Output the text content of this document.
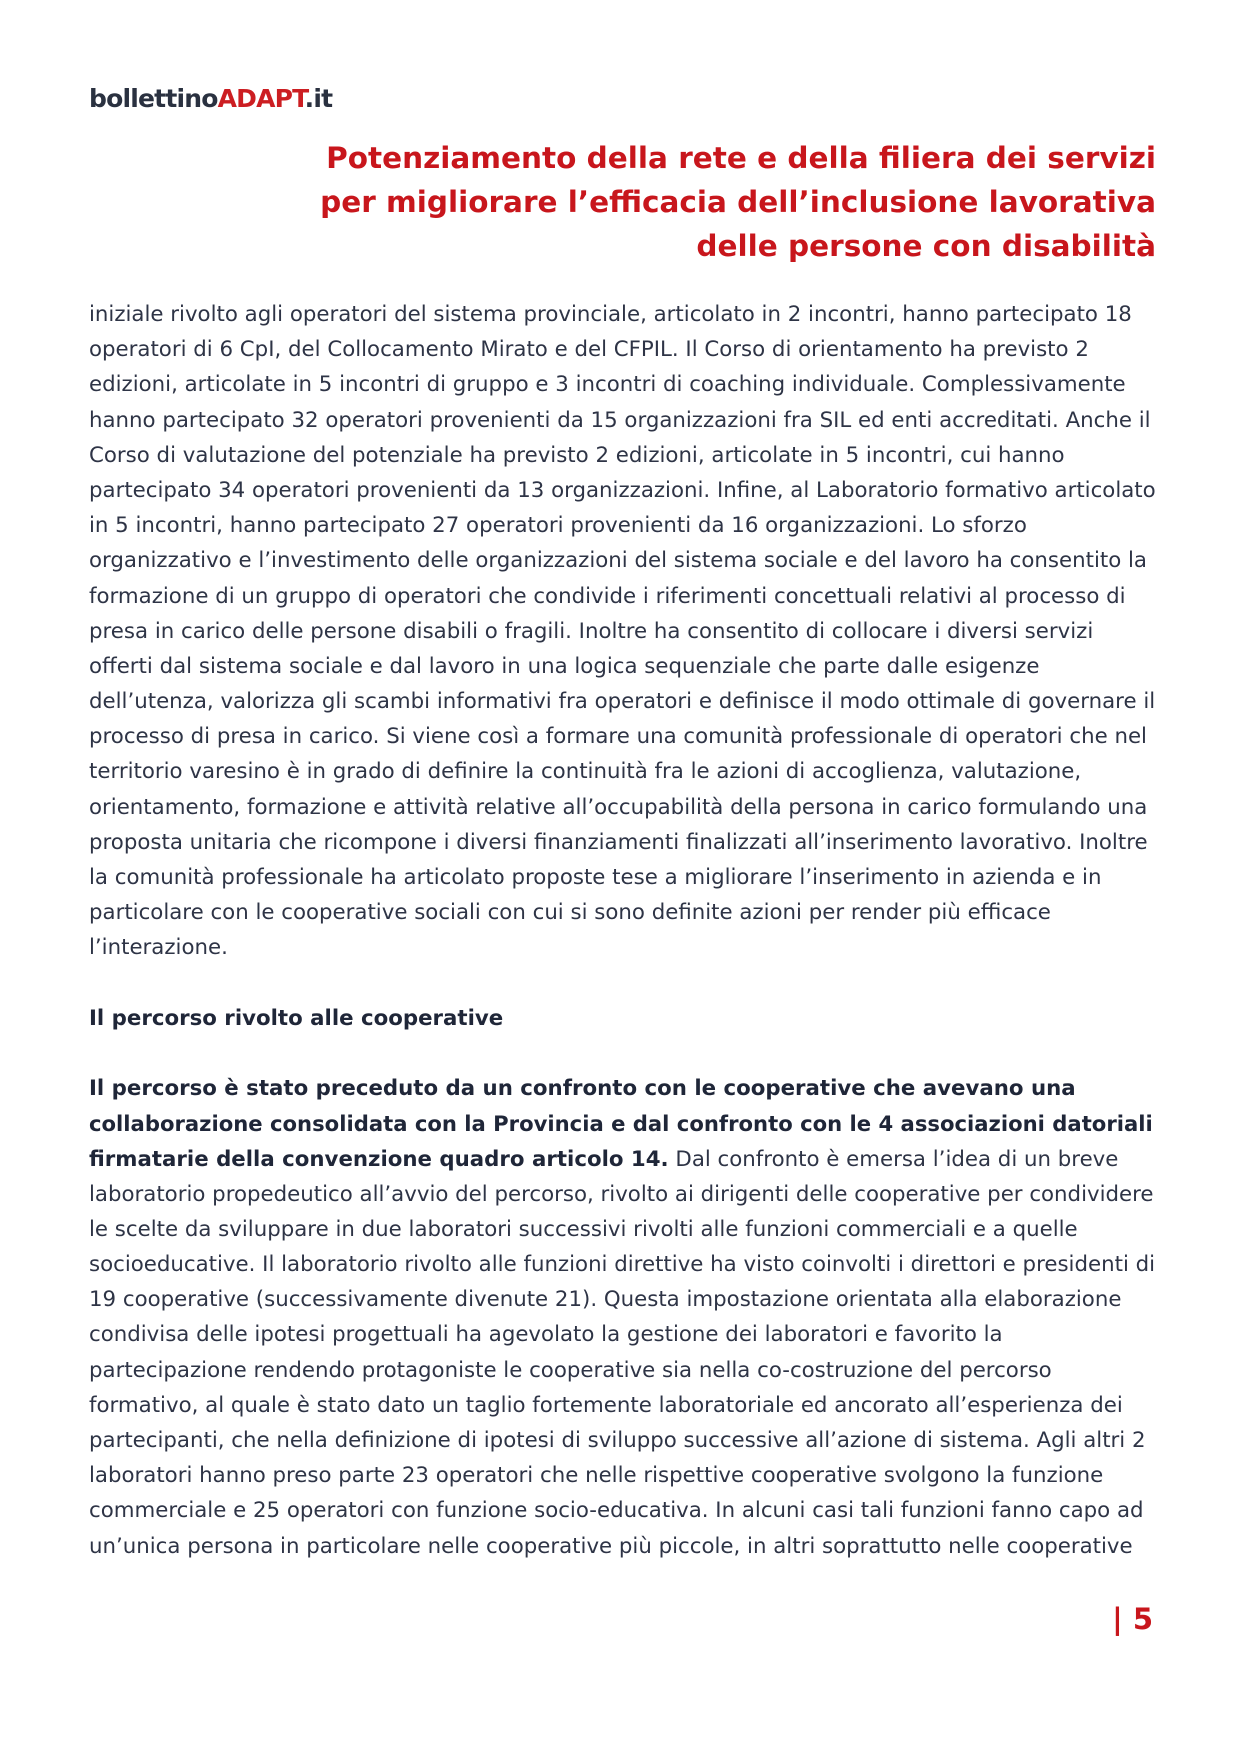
bollettinoADAPT.it
Potenziamento della rete e della filiera dei servizi
per migliorare l’efficacia dell’inclusione lavorativa
delle persone con disabilità
iniziale rivolto agli operatori del sistema provinciale, articolato in 2 incontri, hanno partecipato 18
operatori di 6 CpI, del Collocamento Mirato e del CFPIL. Il Corso di orientamento ha previsto 2
edizioni, articolate in 5 incontri di gruppo e 3 incontri di coaching individuale. Complessivamente
hanno partecipato 32 operatori provenienti da 15 organizzazioni fra SIL ed enti accreditati. Anche il
Corso di valutazione del potenziale ha previsto 2 edizioni, articolate in 5 incontri, cui hanno
partecipato 34 operatori provenienti da 13 organizzazioni. Infine, al Laboratorio formativo articolato
in 5 incontri, hanno partecipato 27 operatori provenienti da 16 organizzazioni. Lo sforzo
organizzativo e l’investimento delle organizzazioni del sistema sociale e del lavoro ha consentito la
formazione di un gruppo di operatori che condivide i riferimenti concettuali relativi al processo di
presa in carico delle persone disabili o fragili. Inoltre ha consentito di collocare i diversi servizi
offerti dal sistema sociale e dal lavoro in una logica sequenziale che parte dalle esigenze
dell’utenza, valorizza gli scambi informativi fra operatori e definisce il modo ottimale di governare il
processo di presa in carico. Si viene così a formare una comunità professionale di operatori che nel
territorio varesino è in grado di definire la continuità fra le azioni di accoglienza, valutazione,
orientamento, formazione e attività relative all’occupabilità della persona in carico formulando una
proposta unitaria che ricompone i diversi finanziamenti finalizzati all’inserimento lavorativo. Inoltre
la comunità professionale ha articolato proposte tese a migliorare l’inserimento in azienda e in
particolare con le cooperative sociali con cui si sono definite azioni per render più efficace
l’interazione.
Il percorso rivolto alle cooperative
Il percorso è stato preceduto da un confronto con le cooperative che avevano una
collaborazione consolidata con la Provincia e dal confronto con le 4 associazioni datoriali
firmatarie della convenzione quadro articolo 14. Dal confronto è emersa l’idea di un breve
laboratorio propedeutico all’avvio del percorso, rivolto ai dirigenti delle cooperative per condividere
le scelte da sviluppare in due laboratori successivi rivolti alle funzioni commerciali e a quelle
socioeducative. Il laboratorio rivolto alle funzioni direttive ha visto coinvolti i direttori e presidenti di
19 cooperative (successivamente divenute 21). Questa impostazione orientata alla elaborazione
condivisa delle ipotesi progettuali ha agevolato la gestione dei laboratori e favorito la
partecipazione rendendo protagoniste le cooperative sia nella co-costruzione del percorso
formativo, al quale è stato dato un taglio fortemente laboratoriale ed ancorato all’esperienza dei
partecipanti, che nella definizione di ipotesi di sviluppo successive all’azione di sistema. Agli altri 2
laboratori hanno preso parte 23 operatori che nelle rispettive cooperative svolgono la funzione
commerciale e 25 operatori con funzione socio-educativa. In alcuni casi tali funzioni fanno capo ad
un’unica persona in particolare nelle cooperative più piccole, in altri soprattutto nelle cooperative
| 5
